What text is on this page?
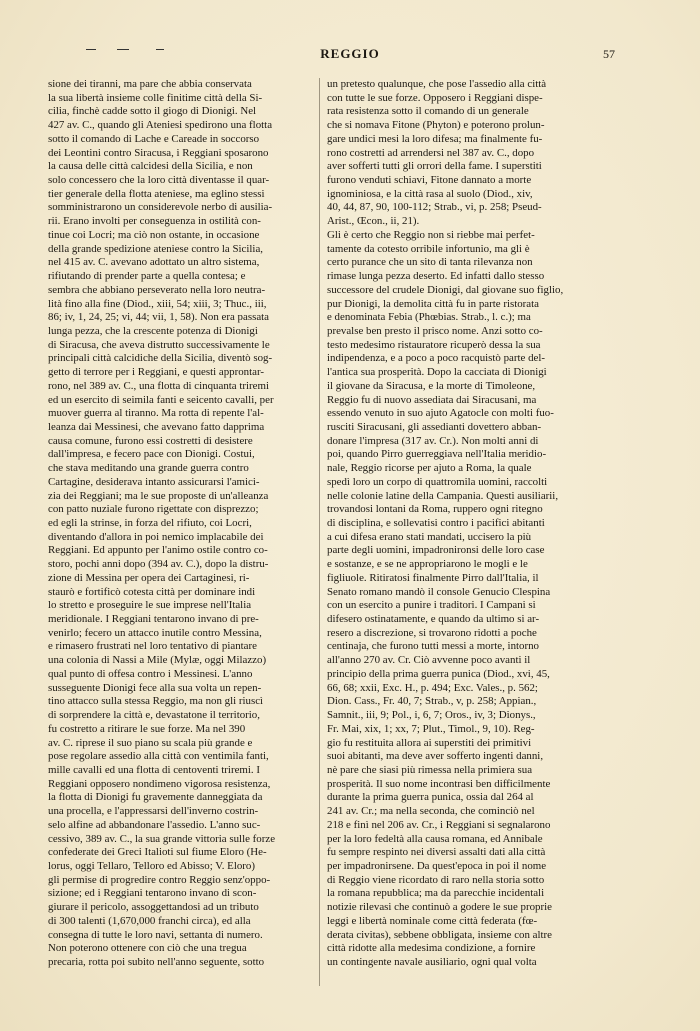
REGGIO	57
sione dei tiranni, ma pare che abbia conservata
la sua libertà insieme colle finitime città della Si-
cilia, finchè cadde sotto il giogo di Dionigi. Nel
427 av. C., quando gli Ateniesi spedirono una flotta
sotto il comando di Lache e Careade in soccorso
dei Leontini contro Siracusa, i Reggiani sposarono
la causa delle città calcidesi della Sicilia, e non
solo concessero che la loro città diventasse il quar-
tier generale della flotta ateniese, ma eglino stessi
somministrarono un considerevole nerbo di ausilia-
rii. Erano involti per conseguenza in ostilità con-
tinue coi Locri; ma ciò non ostante, in occasione
della grande spedizione ateniese contro la Sicilia,
nel 415 av. C. avevano adottato un altro sistema,
rifiutando di prender parte a quella contesa; e
sembra che abbiano perseverato nella loro neutra-
lità fino alla fine (Diod., xiii, 54; xiii, 3; Thuc., iii,
86; iv, 1, 24, 25; vi, 44; vii, 1, 58). Non era passata
lunga pezza, che la crescente potenza di Dionigi
di Siracusa, che aveva distrutto successivamente le
principali città calcidiche della Sicilia, diventò sog-
getto di terrore per i Reggiani, e questi approntar-
rono, nel 389 av. C., una flotta di cinquanta triremi
ed un esercito di seimila fanti e seicento cavalli, per
muover guerra al tiranno. Ma rotta di repente l'al-
leanza dai Messinesi, che avevano fatto dapprima
causa comune, furono essi costretti di desistere
dall'impresa, e fecero pace con Dionigi. Costui,
che stava meditando una grande guerra contro
Cartagine, desiderava intanto assicurarsi l'amici-
zia dei Reggiani; ma le sue proposte di un'alleanza
con patto nuziale furono rigettate con disprezzo;
ed egli la strinse, in forza del rifiuto, coi Locri,
diventando d'allora in poi nemico implacabile dei
Reggiani. Ed appunto per l'animo ostile contro co-
storo, pochi anni dopo (394 av. C.), dopo la distru-
zione di Messina per opera dei Cartaginesi, ri-
staurò e fortificò cotesta città per dominare indi
lo stretto e proseguire le sue imprese nell'Italia
meridionale. I Reggiani tentarono invano di pre-
venirlo; fecero un attacco inutile contro Messina,
e rimasero frustrati nel loro tentativo di piantare
una colonia di Nassi a Mile (Mylæ, oggi Milazzo)
qual punto di offesa contro i Messinesi. L'anno
susseguente Dionigi fece alla sua volta un repen-
tino attacco sulla stessa Reggio, ma non gli riuscì
di sorprendere la città e, devastatone il territorio,
fu costretto a ritirare le sue forze. Ma nel 390
av. C. riprese il suo piano su scala più grande e
pose regolare assedio alla città con ventimila fanti,
mille cavalli ed una flotta di centoventi triremi. I
Reggiani opposero nondimeno vigorosa resistenza,
la flotta di Dionigi fu gravemente danneggiata da
una procella, e l'appressarsi dell'inverno costrin-
selo alfine ad abbandonare l'assedio. L'anno suc-
cessivo, 389 av. C., la sua grande vittoria sulle forze
confederate dei Greci Italioti sul fiume Eloro (He-
lorus, oggi Tellaro, Telloro ed Abisso; V. Eloro)
gli permise di progredire contro Reggio senz'oppo-
sizione; ed i Reggiani tentarono invano di scon-
giurare il pericolo, assoggettandosi ad un tributo
di 300 talenti (1,670,000 franchi circa), ed alla
consegna di tutte le loro navi, settanta di numero.
Non poterono ottenere con ciò che una tregua
precaria, rotta poi subito nell'anno seguente, sotto
un pretesto qualunque, che pose l'assedio alla città
con tutte le sue forze. Opposero i Reggiani dispe-
rata resistenza sotto il comando di un generale
che si nomava Fitone (Phyton) e poterono prolun-
gare undici mesi la loro difesa; ma finalmente fu-
rono costretti ad arrendersi nel 387 av. C., dopo
aver sofferti tutti gli orrori della fame. I superstiti
furono venduti schiavi, Fitone dannato a morte
ignominiosa, e la città rasa al suolo (Diod., xiv,
40, 44, 87, 90, 100-112; Strab., vi, p. 258; Pseud-
Arist., Œcon., ii, 21).
Gli è certo che Reggio non si riebbe mai perfet-
tamente da cotesto orribile infortunio, ma gli è
certo purance che un sito di tanta rilevanza non
rimase lunga pezza deserto. Ed infatti dallo stesso
successore del crudele Dionigi, dal giovane suo figlio,
pur Dionigi, la demolita città fu in parte ristorata
e denominata Febia (Phœbias. Strab., l. c.); ma
prevalse ben presto il prisco nome. Anzi sotto co-
testo medesimo ristauratore ricuperò dessa la sua
indipendenza, e a poco a poco racquistò parte del-
l'antica sua prosperità. Dopo la cacciata di Dionigi
il giovane da Siracusa, e la morte di Timoleone,
Reggio fu di nuovo assediata dai Siracusani, ma
essendo venuto in suo ajuto Agatocle con molti fuo-
rusciti Siracusani, gli assedianti dovettero abban-
donare l'impresa (317 av. Cr.). Non molti anni di
poi, quando Pirro guerreggiava nell'Italia meridio-
nale, Reggio ricorse per ajuto a Roma, la quale
spedì loro un corpo di quattromila uomini, raccolti
nelle colonie latine della Campania. Questi ausiliarii,
trovandosi lontani da Roma, ruppero ogni ritegno
di disciplina, e sollevatisi contro i pacifici abitanti
a cui difesa erano stati mandati, uccisero la più
parte degli uomini, impadronironsi delle loro case
e sostanze, e se ne appropriarono le mogli e le
figliuole. Ritiratosi finalmente Pirro dall'Italia, il
Senato romano mandò il console Genucio Clespina
con un esercito a punire i traditori. I Campani si
difesero ostinatamente, e quando da ultimo si ar-
resero a discrezione, si trovarono ridotti a poche
centinaja, che furono tutti messi a morte, intorno
all'anno 270 av. Cr. Ciò avvenne poco avanti il
principio della prima guerra punica (Diod., xvi, 45,
66, 68; xxii, Exc. H., p. 494; Exc. Vales., p. 562;
Dion. Cass., Fr. 40, 7; Strab., v, p. 258; Appian.,
Samnit., iii, 9; Pol., i, 6, 7; Oros., iv, 3; Dionys.,
Fr. Mai, xix, 1; xx, 7; Plut., Timol., 9, 10). Reg-
gio fu restituita allora ai superstiti dei primitivi
suoi abitanti, ma deve aver sofferto ingenti danni,
nè pare che siasi più rimessa nella primiera sua
prosperità. Il suo nome incontrasi ben difficilmente
durante la prima guerra punica, ossia dal 264 al
241 av. Cr.; ma nella seconda, che cominciò nel
218 e finì nel 206 av. Cr., i Reggiani si segnalarono
per la loro fedeltà alla causa romana, ed Annibale
fu sempre respinto nei diversi assalti dati alla città
per impadronirsene. Da quest'epoca in poi il nome
di Reggio viene ricordato di raro nella storia sotto
la romana repubblica; ma da parecchie incidentali
notizie rilevasi che continuò a godere le sue proprie
leggi e libertà nominale come città federata (fœ-
derata civitas), sebbene obbligata, insieme con altre
città ridotte alla medesima condizione, a fornire
un contingente navale ausiliario, ogni qual volta
